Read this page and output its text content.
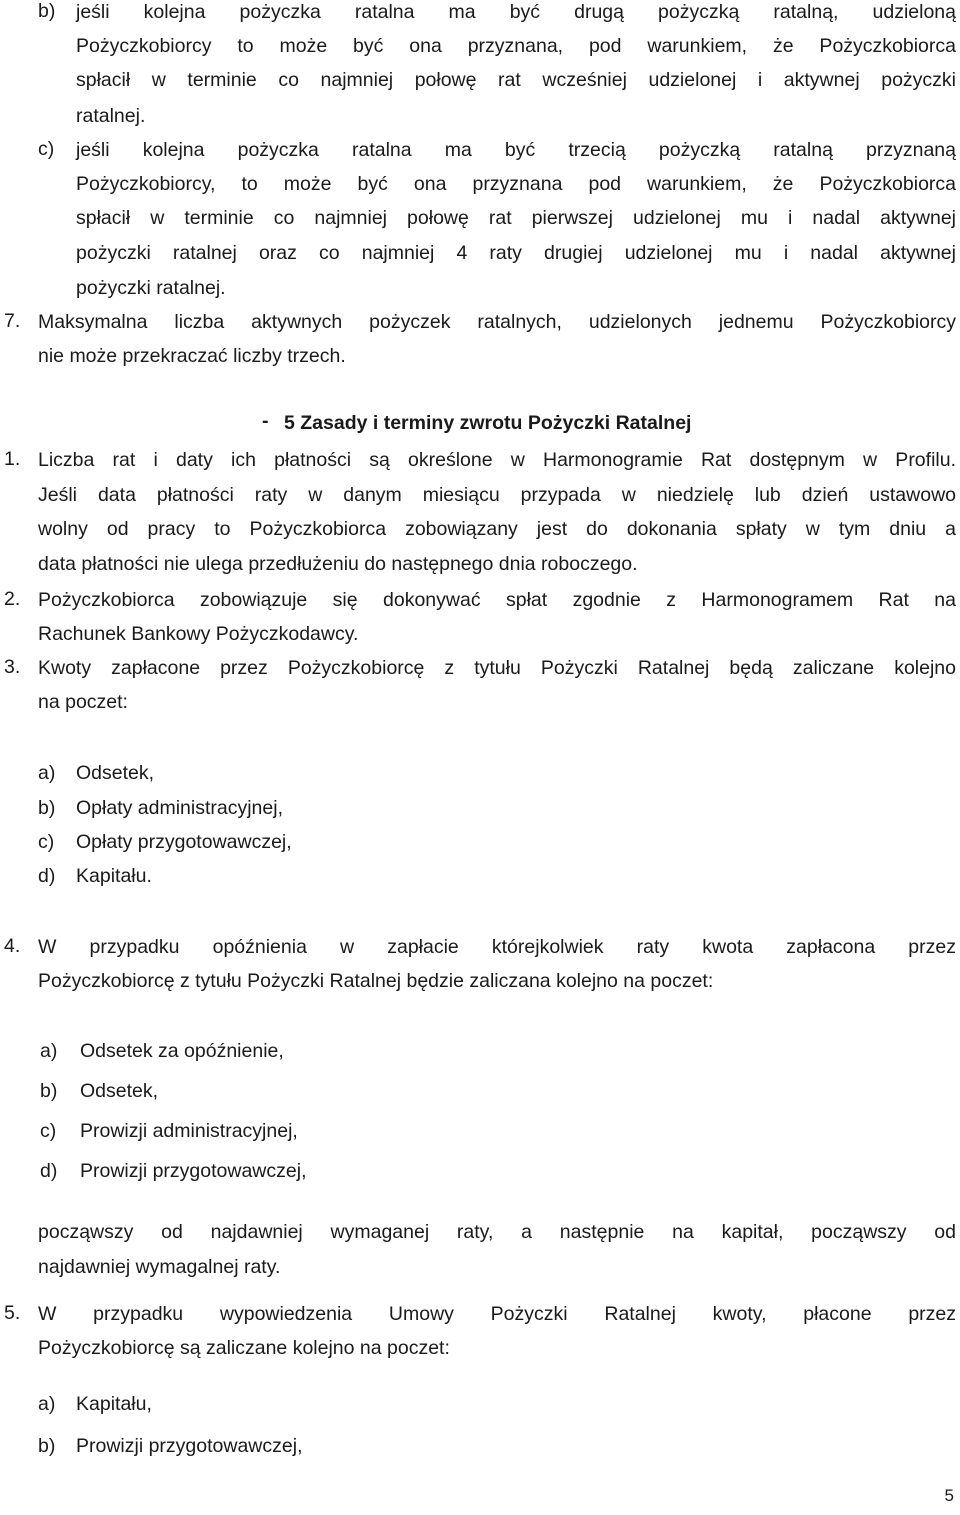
b) jeśli kolejna pożyczka ratalna ma być drugą pożyczką ratalną, udzieloną
Pożyczkobiorcy to może być ona przyznana, pod warunkiem, że Pożyczkobiorca
spłacił w terminie co najmniej połowę rat wcześniej udzielonej i aktywnej pożyczki
ratalnej.
c) jeśli kolejna pożyczka ratalna ma być trzecią pożyczką ratalną przyznaną
Pożyczkobiorcy, to może być ona przyznana pod warunkiem, że Pożyczkobiorca
spłacił w terminie co najmniej połowę rat pierwszej udzielonej mu i nadal aktywnej
pożyczki ratalnej oraz co najmniej 4 raty drugiej udzielonej mu i nadal aktywnej
pożyczki ratalnej.
7. Maksymalna liczba aktywnych pożyczek ratalnych, udzielonych jednemu Pożyczkobiorcy
nie może przekraczać liczby trzech.
- 5 Zasady i terminy zwrotu Pożyczki Ratalnej
1. Liczba rat i daty ich płatności są określone w Harmonogramie Rat dostępnym w Profilu.
Jeśli data płatności raty w danym miesiącu przypada w niedzielę lub dzień ustawowo
wolny od pracy to Pożyczkobiorca zobowiązany jest do dokonania spłaty w tym dniu a
data płatności nie ulega przedłużeniu do następnego dnia roboczego.
2. Pożyczkobiorca zobowiązuje się dokonywać spłat zgodnie z Harmonogramem Rat na
Rachunek Bankowy Pożyczkodawcy.
3. Kwoty zapłacone przez Pożyczkobiorcę z tytułu Pożyczki Ratalnej będą zaliczane kolejno
na poczet:
a) Odsetek,
b) Opłaty administracyjnej,
c) Opłaty przygotowawczej,
d) Kapitału.
4. W przypadku opóźnienia w zapłacie którejkolwiek raty kwota zapłacona przez
Pożyczkobiorcę z tytułu Pożyczki Ratalnej będzie zaliczana kolejno na poczet:
a) Odsetek za opóźnienie,
b) Odsetek,
c) Prowizji administracyjnej,
d) Prowizji przygotowawczej,
począwszy od najdawniej wymaganej raty, a następnie na kapitał, począwszy od
najdawniej wymagalnej raty.
5. W przypadku wypowiedzenia Umowy Pożyczki Ratalnej kwoty, płacone przez
Pożyczkobiorcę są zaliczane kolejno na poczet:
a) Kapitału,
b) Prowizji przygotowawczej,
5
